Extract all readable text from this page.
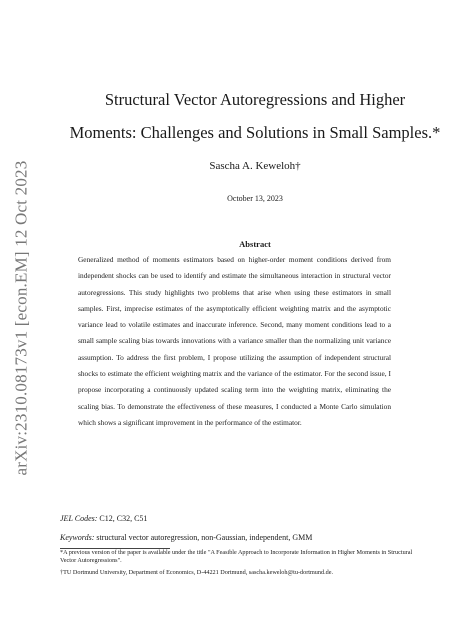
arXiv:2310.08173v1 [econ.EM] 12 Oct 2023
Structural Vector Autoregressions and Higher
Moments: Challenges and Solutions in Small Samples.*
Sascha A. Keweloh†
October 13, 2023
Abstract
Generalized method of moments estimators based on higher-order moment conditions derived from independent shocks can be used to identify and estimate the simultaneous interaction in structural vector autoregressions. This study highlights two problems that arise when using these estimators in small samples. First, imprecise estimates of the asymptotically efficient weighting matrix and the asymptotic variance lead to volatile estimates and inaccurate inference. Second, many moment conditions lead to a small sample scaling bias towards innovations with a variance smaller than the normalizing unit variance assumption. To address the first problem, I propose utilizing the assumption of independent structural shocks to estimate the efficient weighting matrix and the variance of the estimator. For the second issue, I propose incorporating a continuously updated scaling term into the weighting matrix, eliminating the scaling bias. To demonstrate the effectiveness of these measures, I conducted a Monte Carlo simulation which shows a significant improvement in the performance of the estimator.
JEL Codes: C12, C32, C51
Keywords: structural vector autoregression, non-Gaussian, independent, GMM
*A previous version of the paper is available under the title "A Feasible Approach to Incorporate Information in Higher Moments in Structural Vector Autoregressions".
†TU Dortmund University, Department of Economics, D-44221 Dortmund, sascha.keweloh@tu-dortmund.de.
